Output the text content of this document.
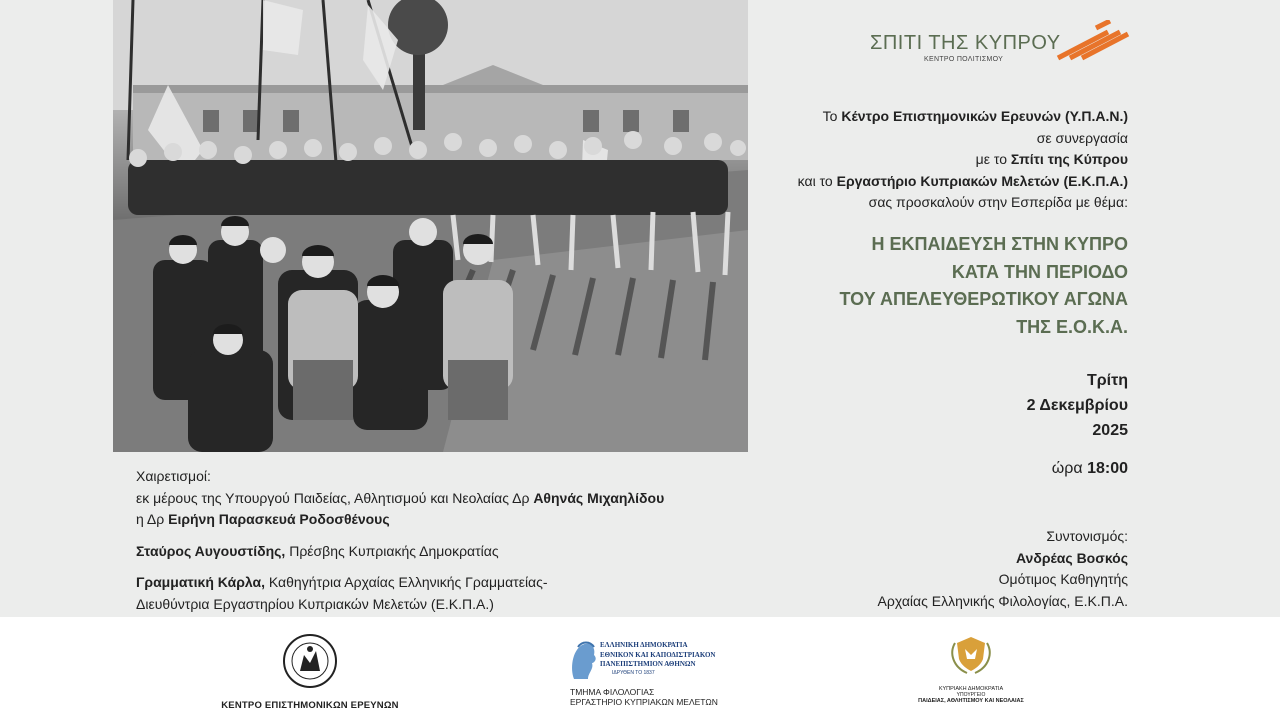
ΣΠΙΤΙ ΤΗΣ ΚΥΠΡΟΥ
ΚΕΝΤΡΟ ΠΟΛΙΤΙΣΜΟΥ
Το Κέντρο Επιστημονικών Ερευνών (Υ.Π.Α.Ν.)
σε συνεργασία
με το Σπίτι της Κύπρου
και το Εργαστήριο Κυπριακών Μελετών (Ε.Κ.Π.Α.)
σας προσκαλούν στην Εσπερίδα με θέμα:
Η ΕΚΠΑΙΔΕΥΣΗ ΣΤΗΝ ΚΥΠΡΟ
ΚΑΤΑ ΤΗΝ ΠΕΡΙΟΔΟ
ΤΟΥ ΑΠΕΛΕΥΘΕΡΩΤΙΚΟΥ ΑΓΩΝΑ
ΤΗΣ Ε.Ο.Κ.Α.
Τρίτη
2 Δεκεμβρίου
2025
ώρα 18:00
Συντονισμός:
Ανδρέας Βοσκός
Ομότιμος Καθηγητής
Αρχαίας Ελληνικής Φιλολογίας, Ε.Κ.Π.Α.
Χαιρετισμοί:
εκ μέρους της Υπουργού Παιδείας, Αθλητισμού και Νεολαίας Δρ Αθηνάς Μιχαηλίδου
η Δρ Ειρήνη Παρασκευά Ροδοσθένους
Σταύρος Αυγουστίδης, Πρέσβης Κυπριακής Δημοκρατίας
Γραμματική Κάρλα, Καθηγήτρια Αρχαίας Ελληνικής Γραμματείας-
Διευθύντρια Εργαστηρίου Κυπριακών Μελετών (Ε.Κ.Π.Α.)
ΚΕΝΤΡΟ ΕΠΙΣΤΗΜΟΝΙΚΩΝ ΕΡΕΥΝΩΝ
ΕΛΛΗΝΙΚΗ ΔΗΜΟΚΡΑΤΙΑ
ΕΘΝΙΚΟΝ ΚΑΙ ΚΑΠΟΔΙΣΤΡΙΑΚΟΝ
ΠΑΝΕΠΙΣΤΗΜΙΟΝ ΑΘΗΝΩΝ
ΙΔΡΥΘΕΝ ΤΟ 1837
ΤΜΗΜΑ ΦΙΛΟΛΟΓΙΑΣ
ΕΡΓΑΣΤΗΡΙΟ ΚΥΠΡΙΑΚΩΝ ΜΕΛΕΤΩΝ
ΚΥΠΡΙΑΚΗ ΔΗΜΟΚΡΑΤΙΑ
ΥΠΟΥΡΓΕΙΟ
ΠΑΙΔΕΙΑΣ, ΑΘΛΗΤΙΣΜΟΥ ΚΑΙ ΝΕΟΛΑΙΑΣ
